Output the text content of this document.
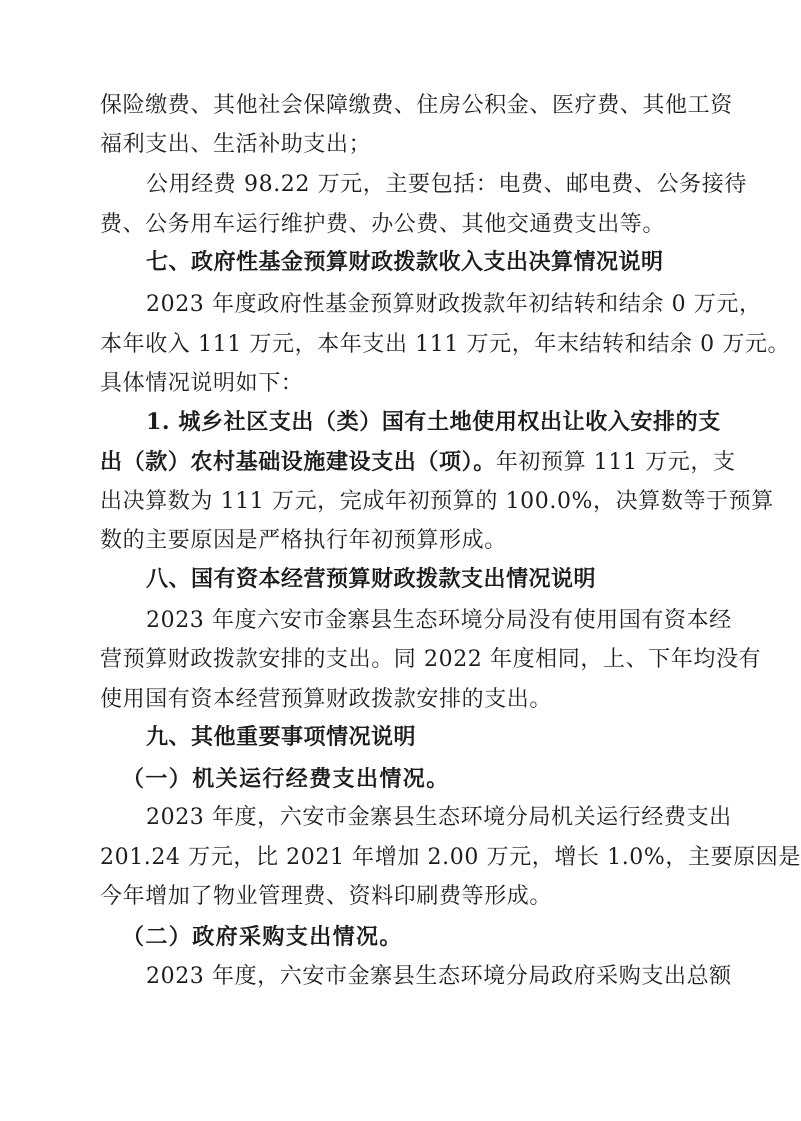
保险缴费、其他社会保障缴费、住房公积金、医疗费、其他工资
福利支出、生活补助支出；
公用经费 98.22 万元，主要包括：电费、邮电费、公务接待
费、公务用车运行维护费、办公费、其他交通费支出等。
七、政府性基金预算财政拨款收入支出决算情况说明
2023 年度政府性基金预算财政拨款年初结转和结余 0 万元，
本年收入 111 万元，本年支出 111 万元，年末结转和结余 0 万元。
具体情况说明如下：
1. 城乡社区支出（类）国有土地使用权出让收入安排的支
出（款）农村基础设施建设支出（项）。年初预算 111 万元，支
出决算数为 111 万元，完成年初预算的 100.0%，决算数等于预算
数的主要原因是严格执行年初预算形成。
八、国有资本经营预算财政拨款支出情况说明
2023 年度六安市金寨县生态环境分局没有使用国有资本经
营预算财政拨款安排的支出。同 2022 年度相同，上、下年均没有
使用国有资本经营预算财政拨款安排的支出。
九、其他重要事项情况说明
（一）机关运行经费支出情况。
2023 年度，六安市金寨县生态环境分局机关运行经费支出
201.24 万元，比 2021 年增加 2.00 万元，增长 1.0%，主要原因是
今年增加了物业管理费、资料印刷费等形成。
（二）政府采购支出情况。
2023 年度，六安市金寨县生态环境分局政府采购支出总额
